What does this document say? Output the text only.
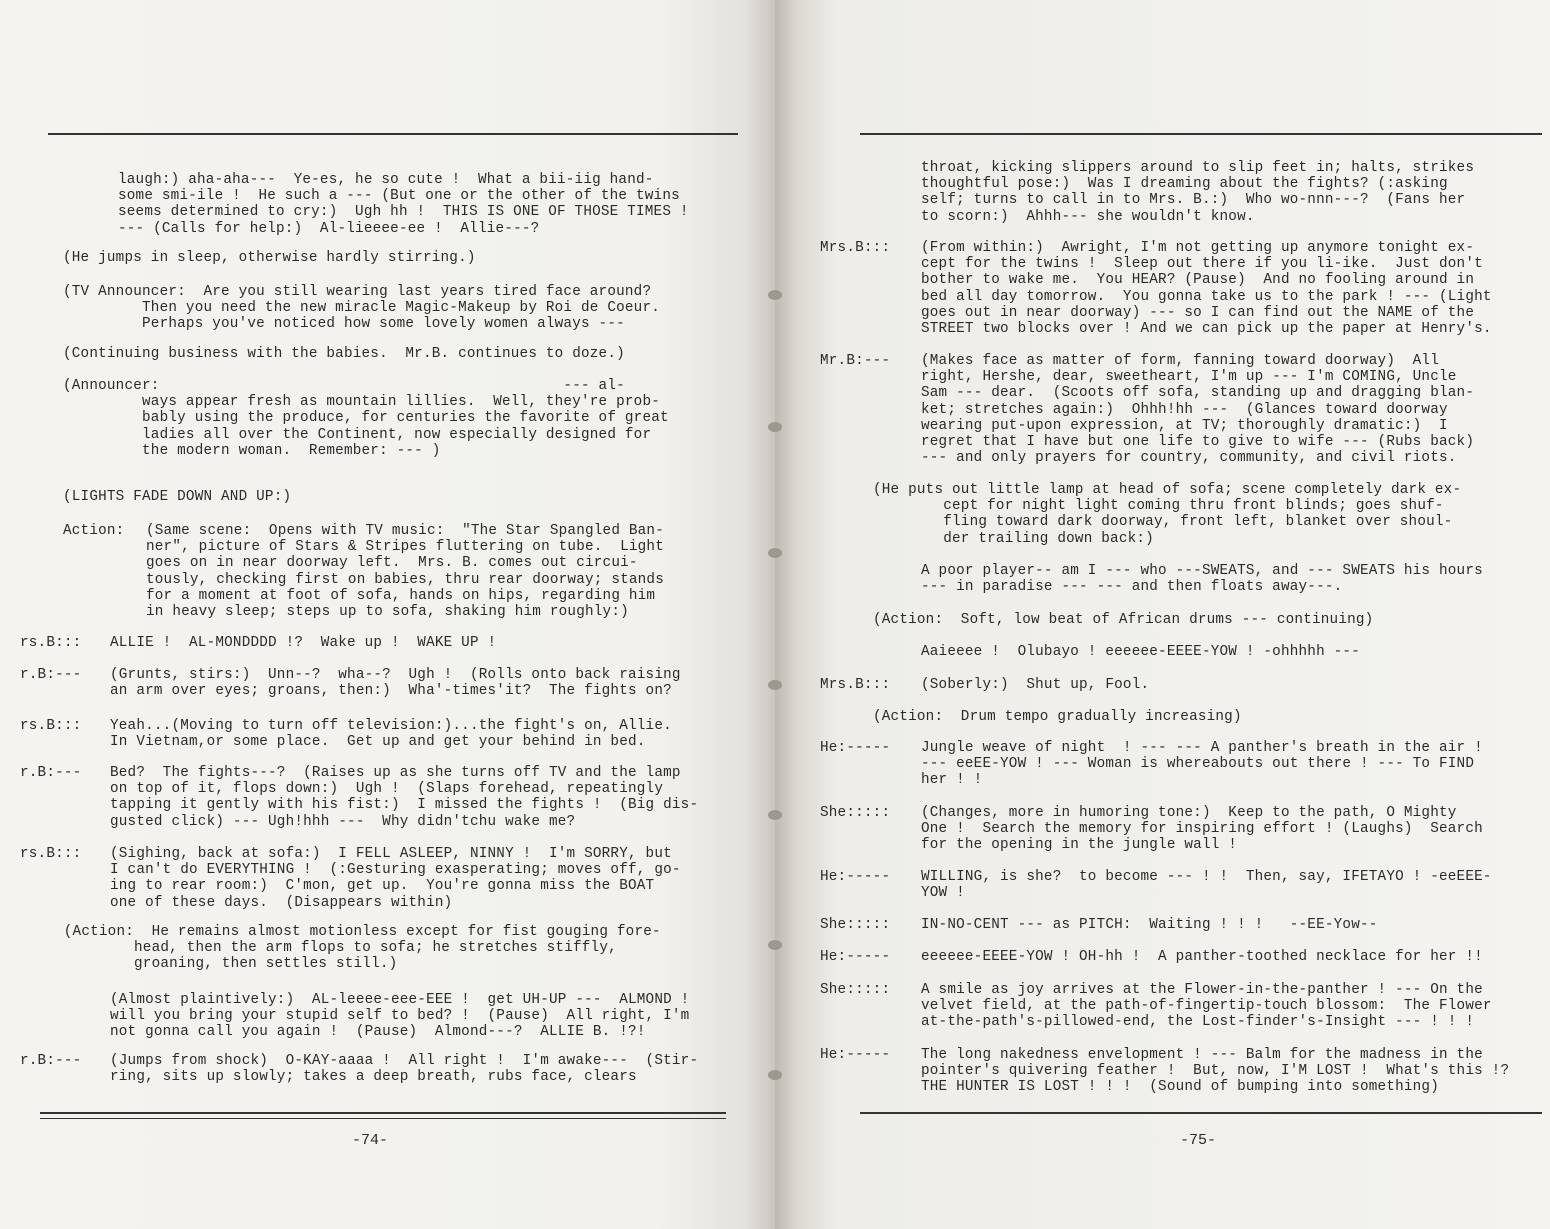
laugh:) aha-aha---  Ye-es, he so cute !  What a bii-iig hand-
some smi-ile !  He such a --- (But one or the other of the twins
seems determined to cry:)  Ugh hh !  THIS IS ONE OF THOSE TIMES !
--- (Calls for help:)  Al-lieeee-ee !  Allie---?
(He jumps in sleep, otherwise hardly stirring.)
(TV Announcer:  Are you still wearing last years tired face around?
Then you need the new miracle Magic-Makeup by Roi de Coeur.
Perhaps you've noticed how some lovely women always ---
(Continuing business with the babies.  Mr.B. continues to doze.)
(Announcer:                                              --- al-
ways appear fresh as mountain lillies.  Well, they're prob-
bably using the produce, for centuries the favorite of great
ladies all over the Continent, now especially designed for
the modern woman.  Remember: --- )
(LIGHTS FADE DOWN AND UP:)
Action: (Same scene:  Opens with TV music:  "The Star Spangled Ban-
ner", picture of Stars & Stripes fluttering on tube.  Light
goes on in near doorway left.  Mrs. B. comes out circui-
tously, checking first on babies, thru rear doorway; stands
for a moment at foot of sofa, hands on hips, regarding him
in heavy sleep; steps up to sofa, shaking him roughly:)
rs.B::: ALLIE !  AL-MONDDDD !?  Wake up !  WAKE UP !
r.B:--- (Grunts, stirs:)  Unn--?  wha--?  Ugh !  (Rolls onto back raising
an arm over eyes; groans, then:)  Wha'-times'it?  The fights on?
rs.B::: Yeah...(Moving to turn off television:)...the fight's on, Allie.
In Vietnam,or some place.  Get up and get your behind in bed.
r.B:--- Bed?  The fights---?  (Raises up as she turns off TV and the lamp
on top of it, flops down:)  Ugh !  (Slaps forehead, repeatingly
tapping it gently with his fist:)  I missed the fights !  (Big dis-
gusted click) --- Ugh!hhh ---  Why didn'tchu wake me?
rs.B::: (Sighing, back at sofa:)  I FELL ASLEEP, NINNY !  I'm SORRY, but
I can't do EVERYTHING !  (:Gesturing exasperating; moves off, go-
ing to rear room:)  C'mon, get up.  You're gonna miss the BOAT
one of these days.  (Disappears within)
(Action:  He remains almost motionless except for fist gouging fore-
head, then the arm flops to sofa; he stretches stiffly,
groaning, then settles still.)
(Almost plaintively:)  AL-leeee-eee-EEE !  get UH-UP ---  ALMOND !
will you bring your stupid self to bed? !  (Pause)  All right, I'm
not gonna call you again !  (Pause)  Almond---?  ALLIE B. !?!
r.B:--- (Jumps from shock)  O-KAY-aaaa !  All right !  I'm awake---  (Stir-
ring, sits up slowly; takes a deep breath, rubs face, clears
-74-
throat, kicking slippers around to slip feet in; halts, strikes
thoughtful pose:)  Was I dreaming about the fights? (:asking
self; turns to call in to Mrs. B.:)  Who wo-nnn---?  (Fans her
to scorn:)  Ahhh--- she wouldn't know.
Mrs.B::: (From within:)  Awright, I'm not getting up anymore tonight ex-
cept for the twins !  Sleep out there if you li-ike.  Just don't
bother to wake me.  You HEAR? (Pause)  And no fooling around in
bed all day tomorrow.  You gonna take us to the park ! --- (Light
goes out in near doorway) --- so I can find out the NAME of the
STREET two blocks over ! And we can pick up the paper at Henry's.
Mr.B:--- (Makes face as matter of form, fanning toward doorway)  All
right, Hershe, dear, sweetheart, I'm up --- I'm COMING, Uncle
Sam --- dear.  (Scoots off sofa, standing up and dragging blan-
ket; stretches again:)  Ohhh!hh ---  (Glances toward doorway
wearing put-upon expression, at TV; thoroughly dramatic:)  I
regret that I have but one life to give to wife --- (Rubs back)
--- and only prayers for country, community, and civil riots.
(He puts out little lamp at head of sofa; scene completely dark ex-
cept for night light coming thru front blinds; goes shuf-
fling toward dark doorway, front left, blanket over shoul-
der trailing down back:)
A poor player-- am I --- who ---SWEATS, and --- SWEATS his hours
--- in paradise --- --- and then floats away---.
(Action:  Soft, low beat of African drums --- continuing)
Aaieeee !  Olubayo ! eeeeee-EEEE-YOW ! -ohhhhh ---
Mrs.B::: (Soberly:)  Shut up, Fool.
(Action:  Drum tempo gradually increasing)
He:----- Jungle weave of night  ! --- --- A panther's breath in the air !
--- eeEE-YOW ! --- Woman is whereabouts out there ! --- To FIND
her ! !
She::::: (Changes, more in humoring tone:)  Keep to the path, O Mighty
One !  Search the memory for inspiring effort ! (Laughs)  Search
for the opening in the jungle wall !
He:----- WILLING, is she?  to become --- ! !  Then, say, IFETAYO ! -eeEEE-
YOW !
She::::: IN-NO-CENT --- as PITCH:  Waiting ! ! !   --EE-Yow--
He:----- eeeeee-EEEE-YOW ! OH-hh !  A panther-toothed necklace for her !!
She::::: A smile as joy arrives at the Flower-in-the-panther ! --- On the
velvet field, at the path-of-fingertip-touch blossom:  The Flower
at-the-path's-pillowed-end, the Lost-finder's-Insight --- ! ! !
He:----- The long nakedness envelopment ! --- Balm for the madness in the
pointer's quivering feather !  But, now, I'M LOST !  What's this !?
THE HUNTER IS LOST ! ! !  (Sound of bumping into something)
-75-
